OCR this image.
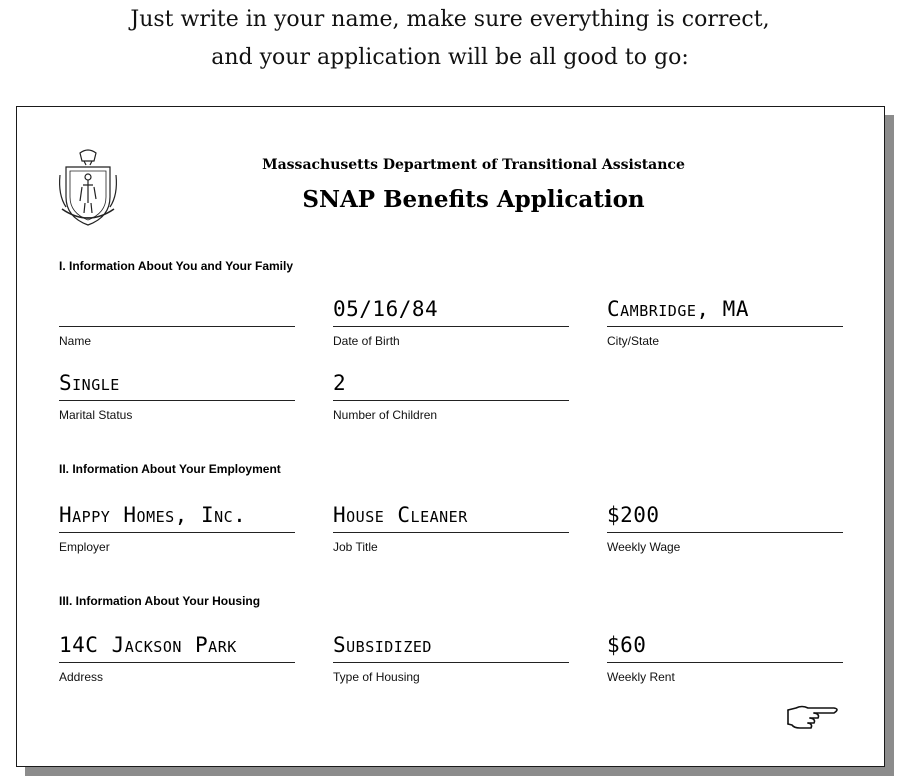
Just write in your name, make sure everything is correct,
and your application will be all good to go:
Massachusetts Department of Transitional Assistance
SNAP Benefits Application
I. Information About You and Your Family
Name
05/16/84
Date of Birth
Cambridge, MA
City/State
Single
Marital Status
2
Number of Children
II. Information About Your Employment
Happy Homes, Inc.
Employer
House Cleaner
Job Title
$200
Weekly Wage
III. Information About Your Housing
14C Jackson Park
Address
Subsidized
Type of Housing
$60
Weekly Rent
